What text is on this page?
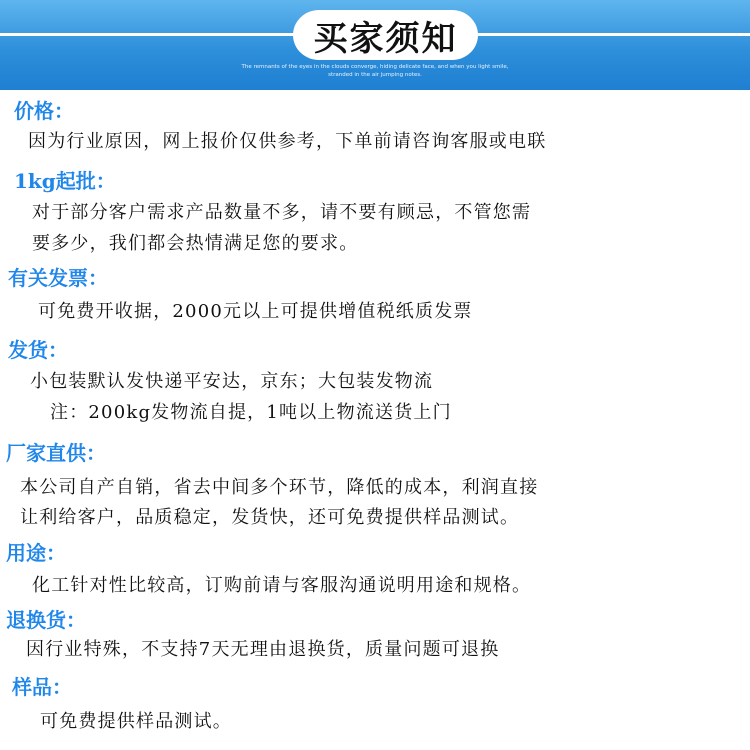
买家须知
The remnants of the eyes in the clouds converge, hiding delicate face, and when you light smile,
stranded in the air jumping notes.
价格：
因为行业原因，网上报价仅供参考，下单前请咨询客服或电联
1kg起批：
对于部分客户需求产品数量不多，请不要有顾忌，不管您需
要多少，我们都会热情满足您的要求。
有关发票：
可免费开收据，2000元以上可提供增值税纸质发票
发货：
小包装默认发快递平安达，京东；大包装发物流
注：200kg发物流自提，1吨以上物流送货上门
厂家直供：
本公司自产自销，省去中间多个环节，降低的成本，利润直接
让利给客户，品质稳定，发货快，还可免费提供样品测试。
用途：
化工针对性比较高，订购前请与客服沟通说明用途和规格。
退换货：
因行业特殊，不支持7天无理由退换货，质量问题可退换
样品：
可免费提供样品测试。
